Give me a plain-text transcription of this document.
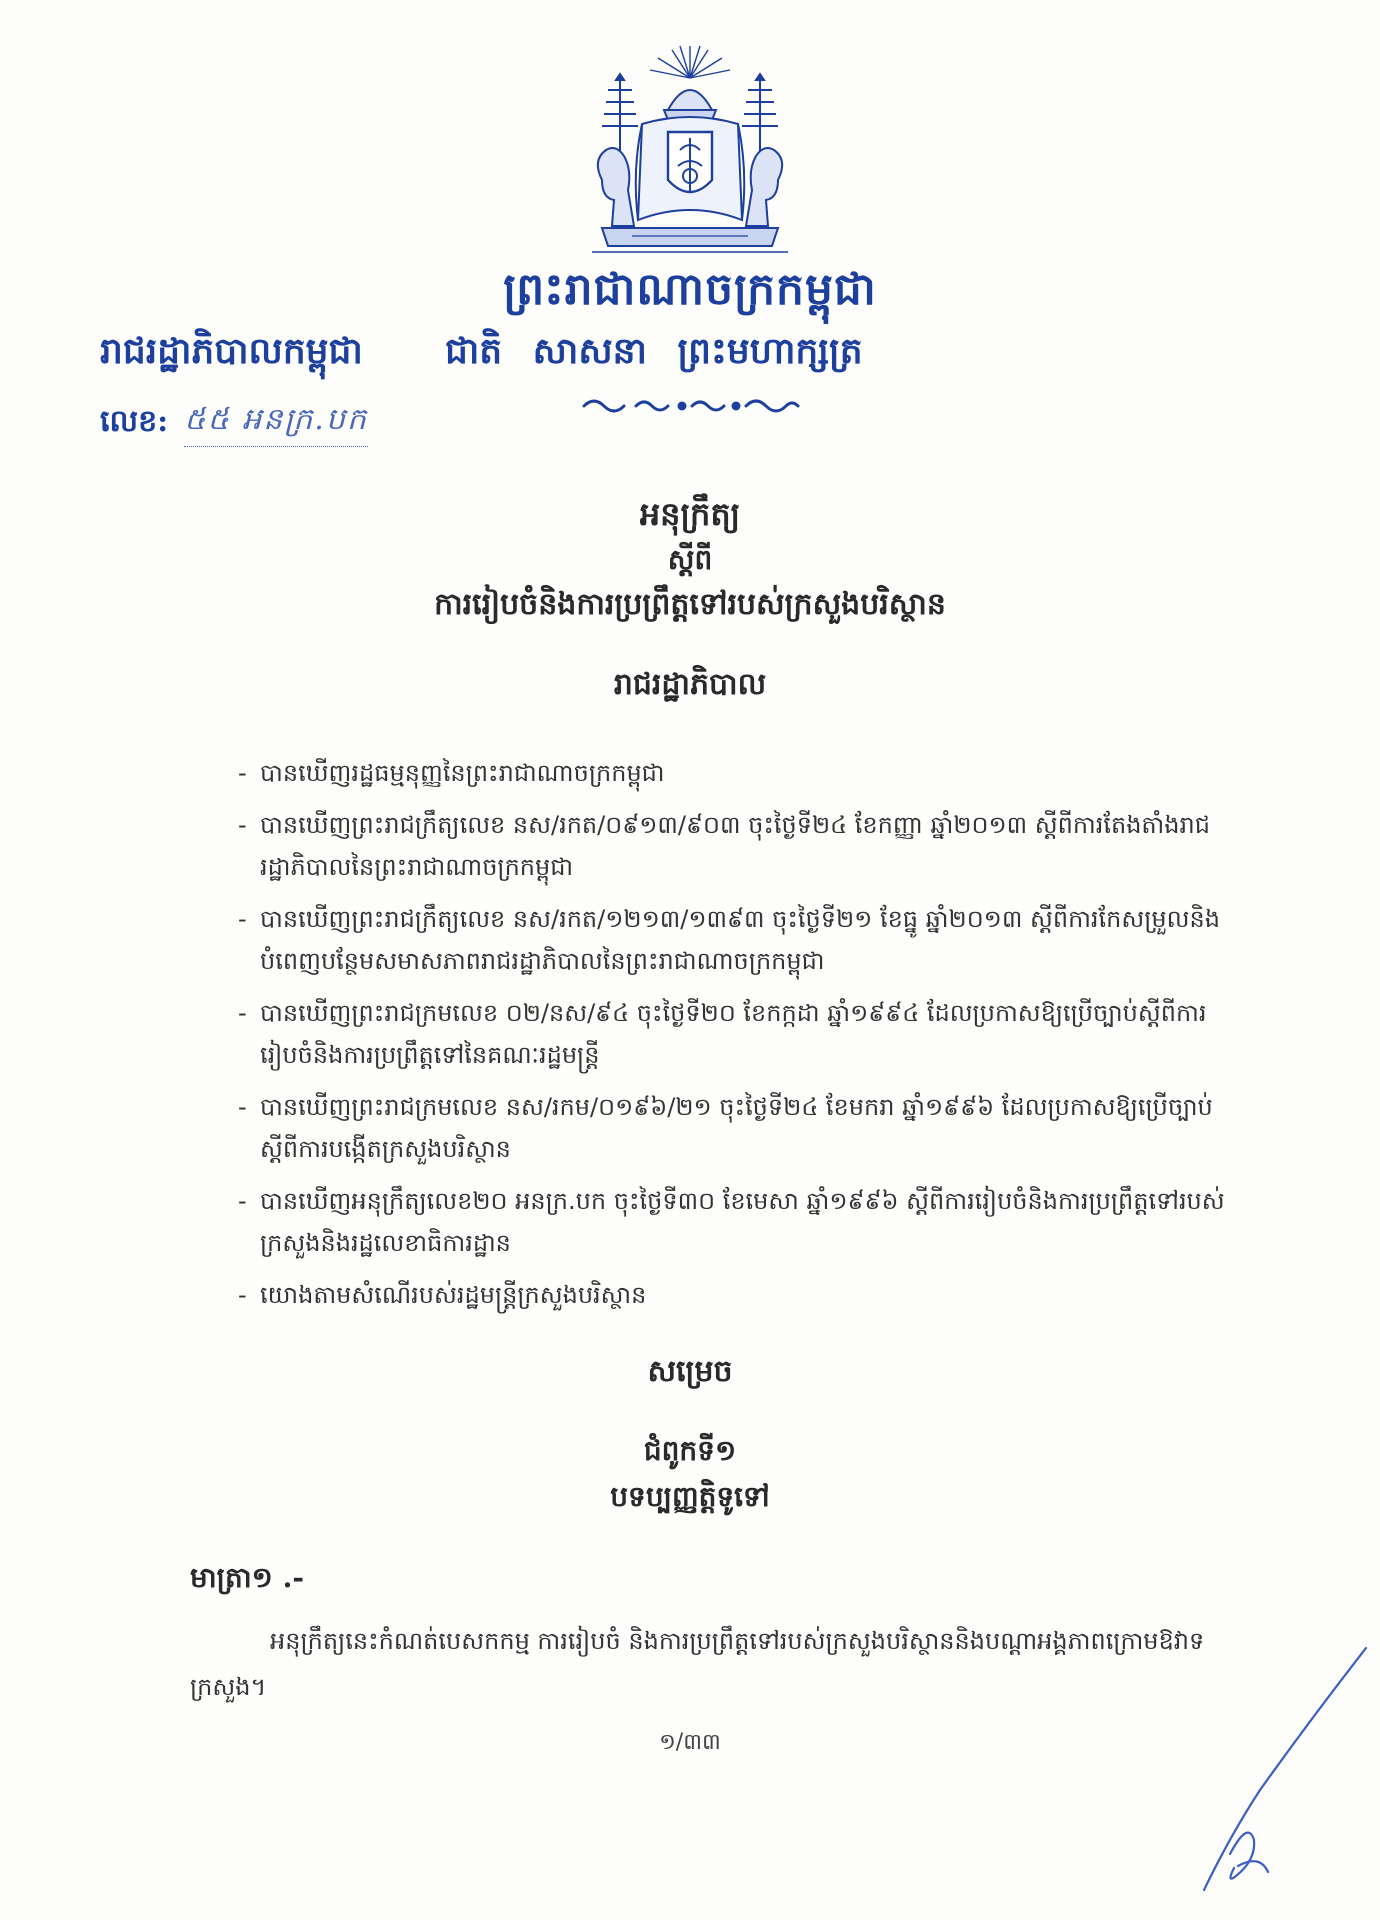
ព្រះរាជាណាចក្រកម្ពុជា
រាជរដ្ឋាភិបាលកម្ពុជា ជាតិ សាសនា ព្រះមហាក្សត្រ
លេខ: ៥៥ អនក្រ.បក
អនុក្រឹត្យ
ស្តីពី
ការរៀបចំនិងការប្រព្រឹត្តទៅរបស់ក្រសួងបរិស្ថាន
រាជរដ្ឋាភិបាល
- បានឃើញរដ្ឋធម្មនុញ្ញនៃព្រះរាជាណាចក្រកម្ពុជា
- បានឃើញព្រះរាជក្រឹត្យលេខ នស/រកត/០៩១៣/៩០៣ ចុះថ្ងៃទី២៤ ខែកញ្ញា ឆ្នាំ២០១៣ ស្តីពីការតែងតាំងរាជរដ្ឋាភិបាលនៃព្រះរាជាណាចក្រកម្ពុជា
- បានឃើញព្រះរាជក្រឹត្យលេខ នស/រកត/១២១៣/១៣៩៣ ចុះថ្ងៃទី២១ ខែធ្នូ ឆ្នាំ២០១៣ ស្តីពីការកែសម្រួលនិងបំពេញបន្ថែមសមាសភាពរាជរដ្ឋាភិបាលនៃព្រះរាជាណាចក្រកម្ពុជា
- បានឃើញព្រះរាជក្រមលេខ ០២/នស/៩៤ ចុះថ្ងៃទី២០ ខែកក្កដា ឆ្នាំ១៩៩៤ ដែលប្រកាសឱ្យប្រើច្បាប់ស្តីពីការរៀបចំនិងការប្រព្រឹត្តទៅនៃគណៈរដ្ឋមន្ត្រី
- បានឃើញព្រះរាជក្រមលេខ នស/រកម/០១៩៦/២១ ចុះថ្ងៃទី២៤ ខែមករា ឆ្នាំ១៩៩៦ ដែលប្រកាសឱ្យប្រើច្បាប់ស្តីពីការបង្កើតក្រសួងបរិស្ថាន
- បានឃើញអនុក្រឹត្យលេខ២០ អនក្រ.បក ចុះថ្ងៃទី៣០ ខែមេសា ឆ្នាំ១៩៩៦ ស្តីពីការរៀបចំនិងការប្រព្រឹត្តទៅរបស់ក្រសួងនិងរដ្ឋលេខាធិការដ្ឋាន
- យោងតាមសំណើរបស់រដ្ឋមន្ត្រីក្រសួងបរិស្ថាន
សម្រេច
ជំពូកទី១
បទប្បញ្ញត្តិទូទៅ
មាត្រា១ .-
អនុក្រឹត្យនេះកំណត់បេសកកម្ម ការរៀបចំ និងការប្រព្រឹត្តទៅរបស់ក្រសួងបរិស្ថាននិងបណ្តាអង្គភាពក្រោមឱវាទក្រសួង។
១/៣៣
